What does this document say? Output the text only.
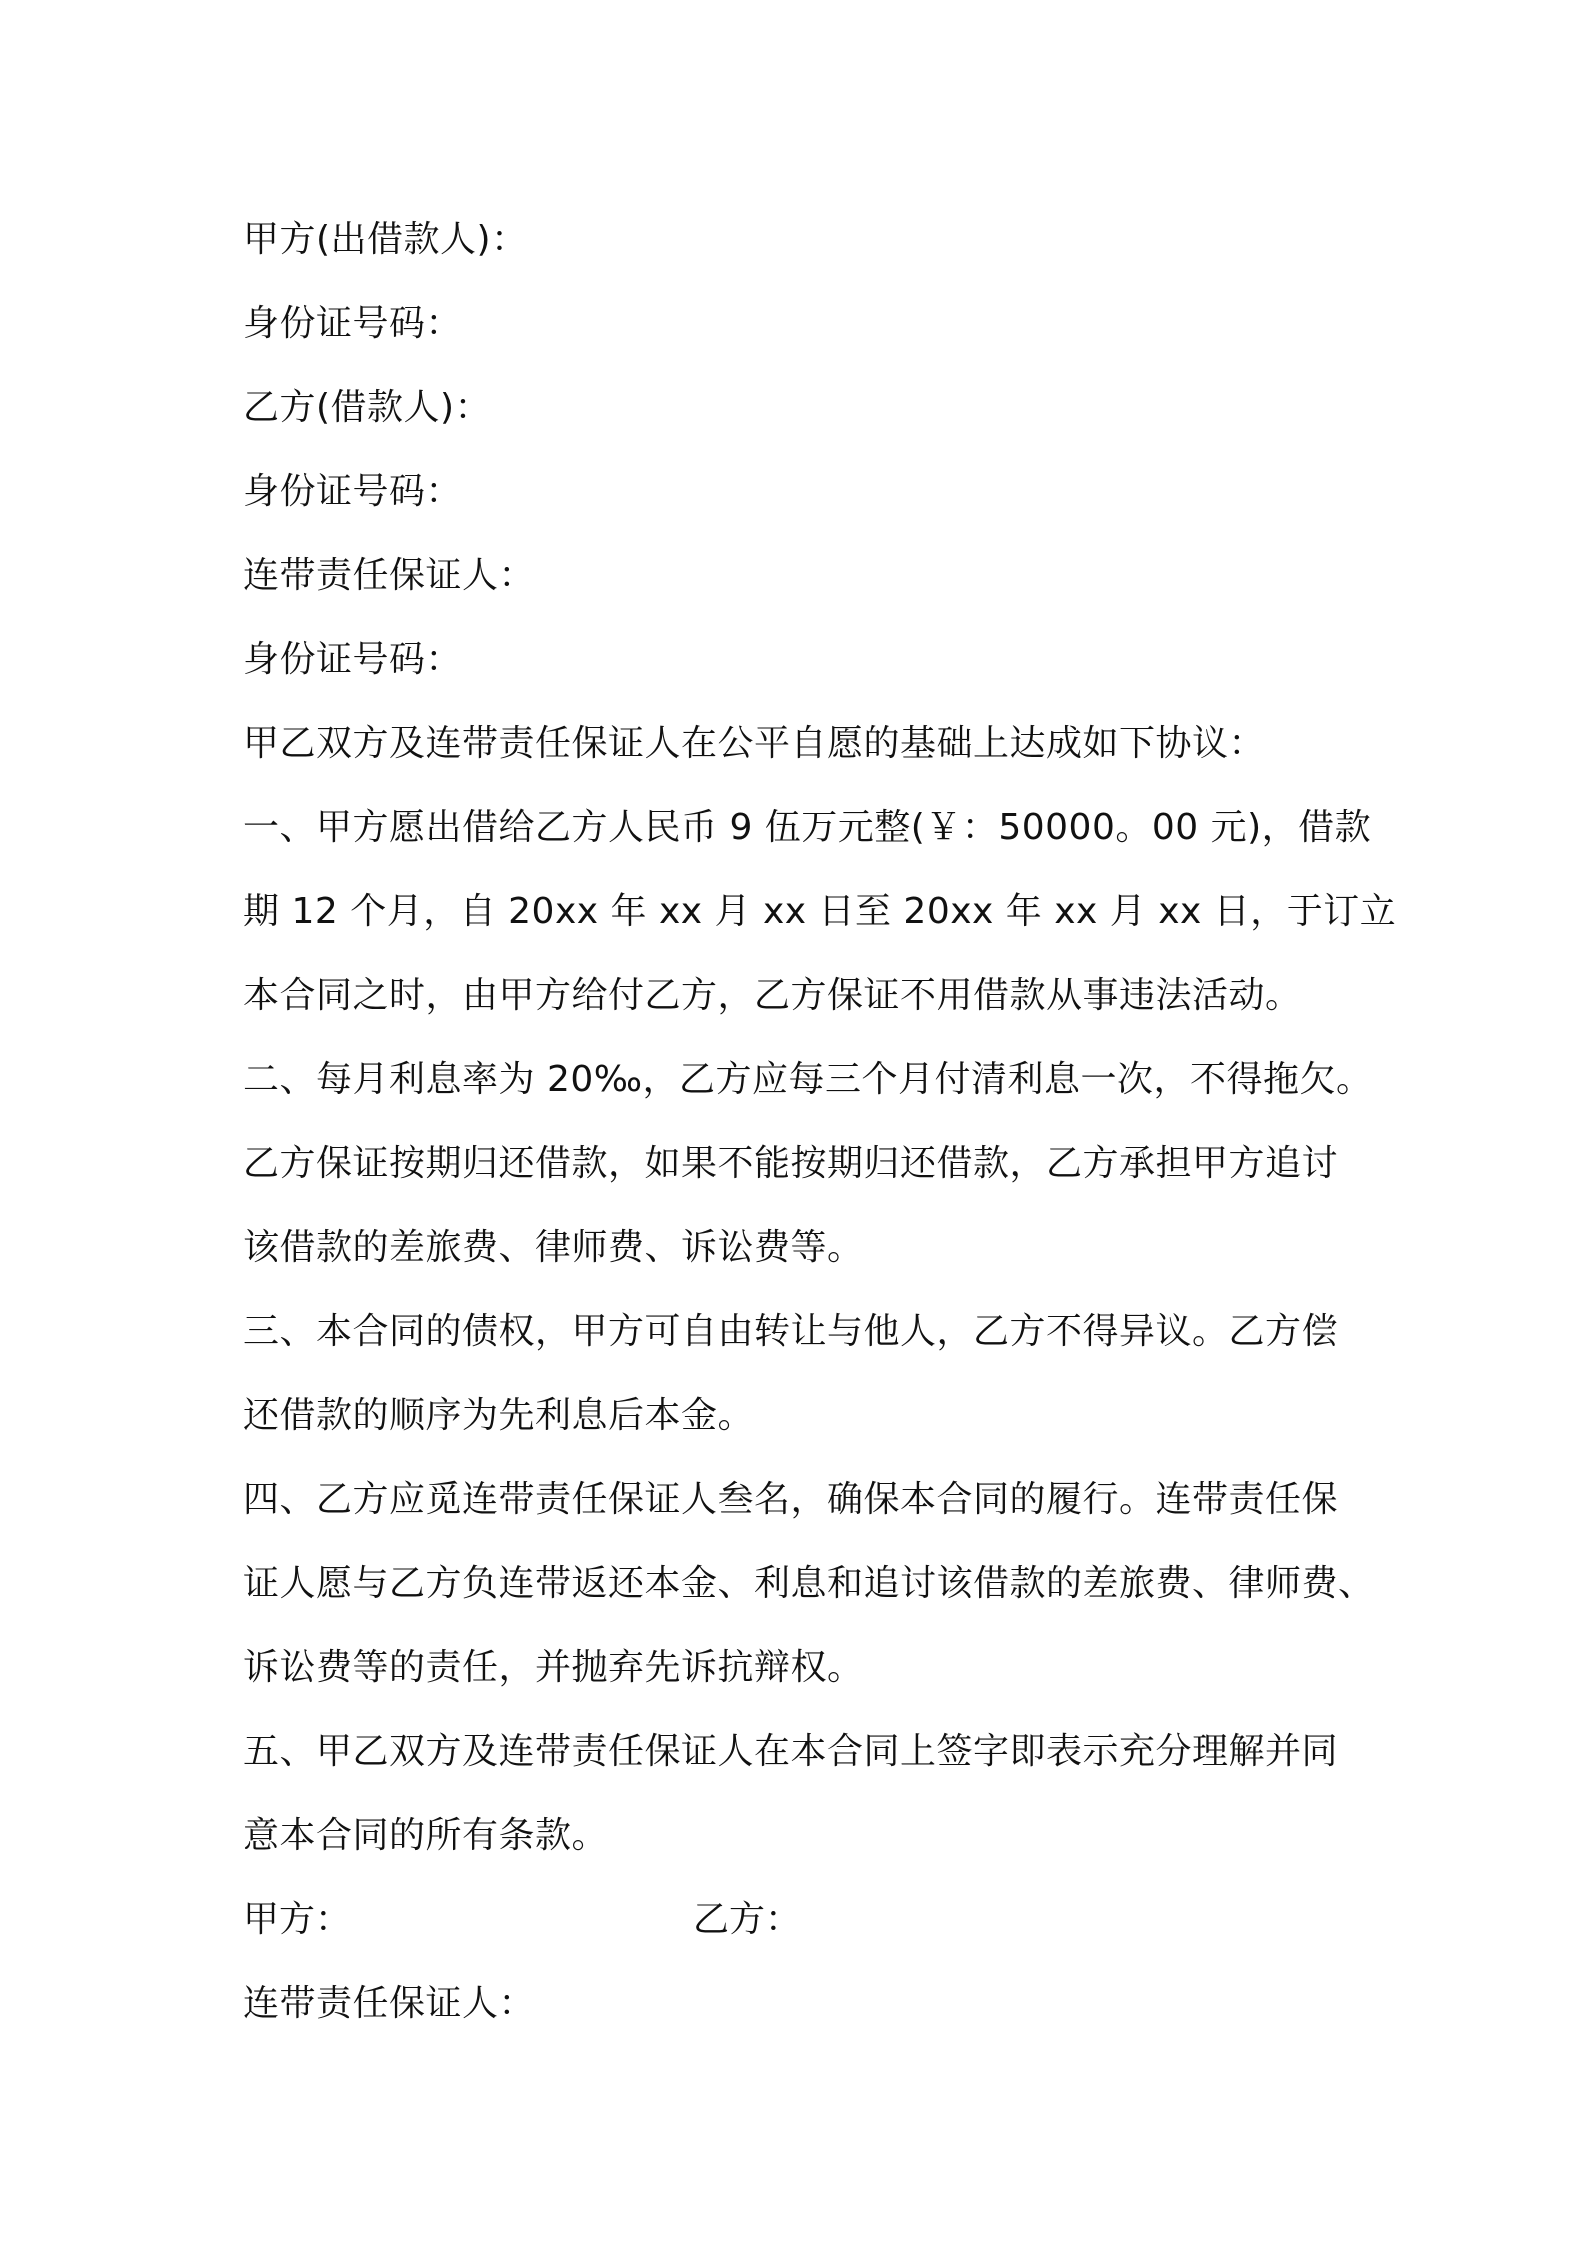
甲方(出借款人)：
身份证号码：
乙方(借款人)：
身份证号码：
连带责任保证人：
身份证号码：
甲乙双方及连带责任保证人在公平自愿的基础上达成如下协议：
一、甲方愿出借给乙方人民币 9 伍万元整(￥：50000。00 元)，借款
期 12 个月，自 20xx 年 xx 月 xx 日至 20xx 年 xx 月 xx 日，于订立
本合同之时，由甲方给付乙方，乙方保证不用借款从事违法活动。
二、每月利息率为 20‰，乙方应每三个月付清利息一次，不得拖欠。
乙方保证按期归还借款，如果不能按期归还借款，乙方承担甲方追讨
该借款的差旅费、律师费、诉讼费等。
三、本合同的债权，甲方可自由转让与他人，乙方不得异议。乙方偿
还借款的顺序为先利息后本金。
四、乙方应觅连带责任保证人叁名，确保本合同的履行。连带责任保
证人愿与乙方负连带返还本金、利息和追讨该借款的差旅费、律师费、
诉讼费等的责任，并抛弃先诉抗辩权。
五、甲乙双方及连带责任保证人在本合同上签字即表示充分理解并同
意本合同的所有条款。
甲方：	乙方：
连带责任保证人：
